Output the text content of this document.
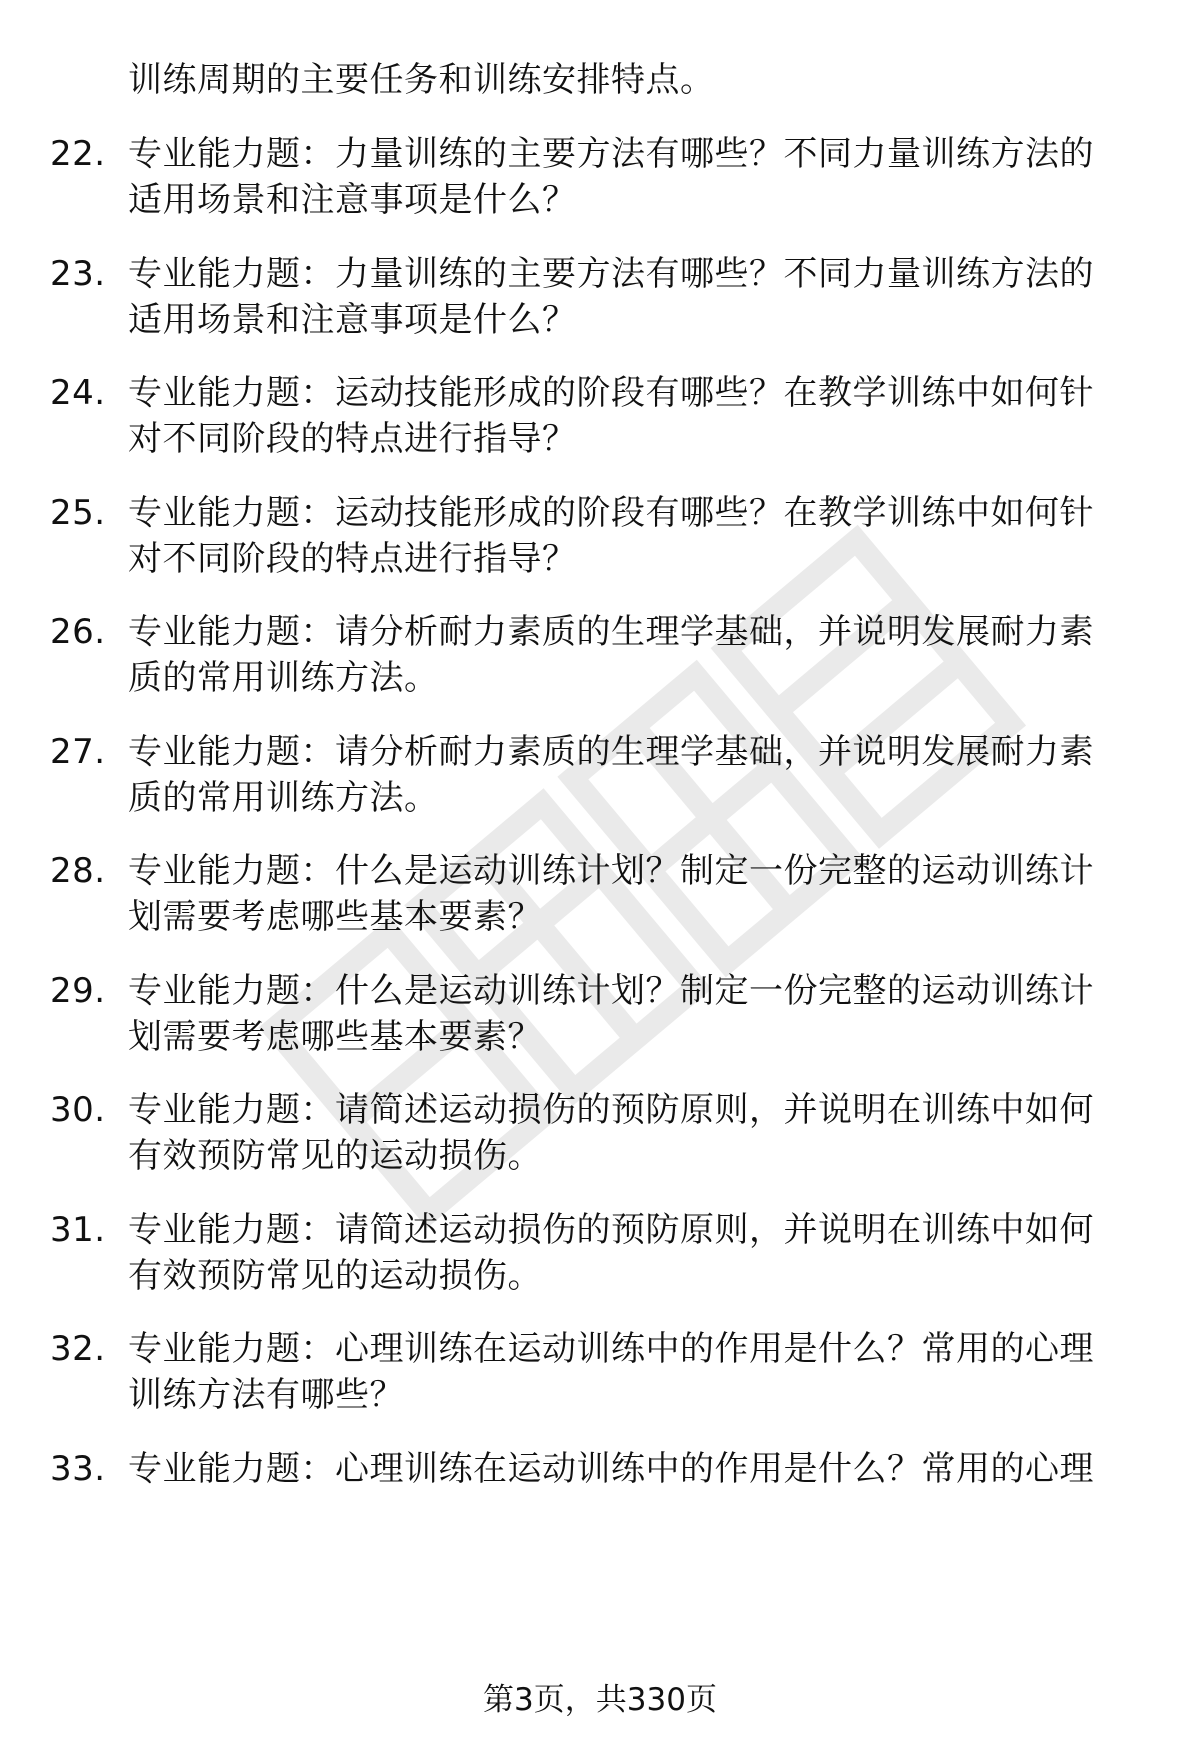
训练周期的主要任务和训练安排特点。
22. 专业能力题：力量训练的主要方法有哪些？不同力量训练方法的
适用场景和注意事项是什么？
23. 专业能力题：力量训练的主要方法有哪些？不同力量训练方法的
适用场景和注意事项是什么？
24. 专业能力题：运动技能形成的阶段有哪些？在教学训练中如何针
对不同阶段的特点进行指导？
25. 专业能力题：运动技能形成的阶段有哪些？在教学训练中如何针
对不同阶段的特点进行指导？
26. 专业能力题：请分析耐力素质的生理学基础，并说明发展耐力素
质的常用训练方法。
27. 专业能力题：请分析耐力素质的生理学基础，并说明发展耐力素
质的常用训练方法。
28. 专业能力题：什么是运动训练计划？制定一份完整的运动训练计
划需要考虑哪些基本要素？
29. 专业能力题：什么是运动训练计划？制定一份完整的运动训练计
划需要考虑哪些基本要素？
30. 专业能力题：请简述运动损伤的预防原则，并说明在训练中如何
有效预防常见的运动损伤。
31. 专业能力题：请简述运动损伤的预防原则，并说明在训练中如何
有效预防常见的运动损伤。
32. 专业能力题：心理训练在运动训练中的作用是什么？常用的心理
训练方法有哪些？
33. 专业能力题：心理训练在运动训练中的作用是什么？常用的心理
第3页，共330页
